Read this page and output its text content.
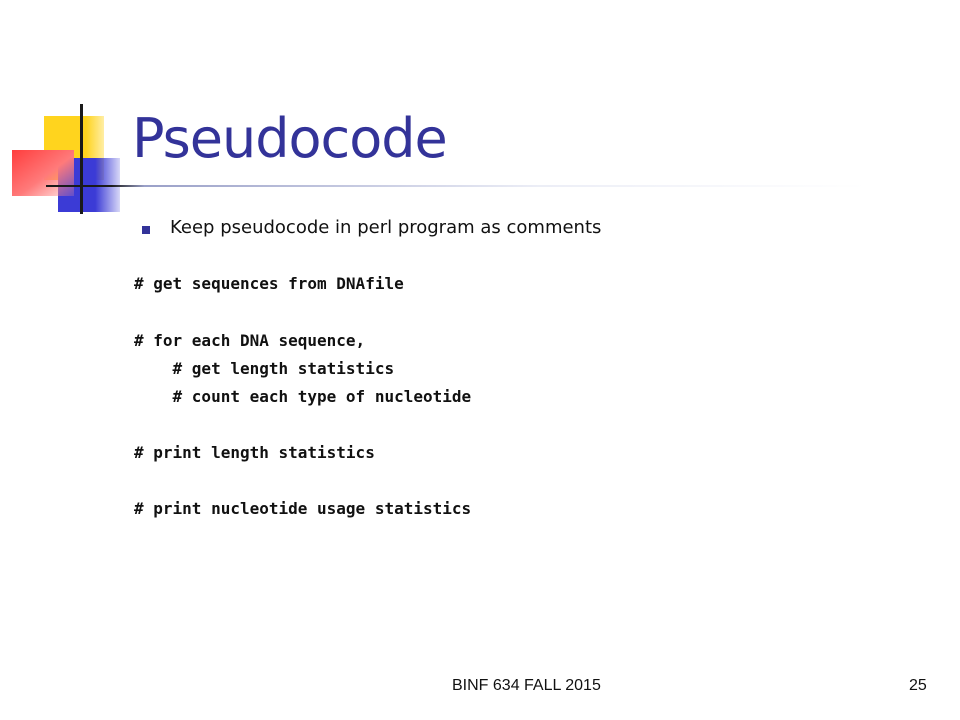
Pseudocode
Keep pseudocode in perl program as comments
# get sequences from DNAfile
# for each DNA sequence,
# get length statistics
# count each type of nucleotide
# print length statistics
# print nucleotide usage statistics
BINF 634 FALL 2015	25
